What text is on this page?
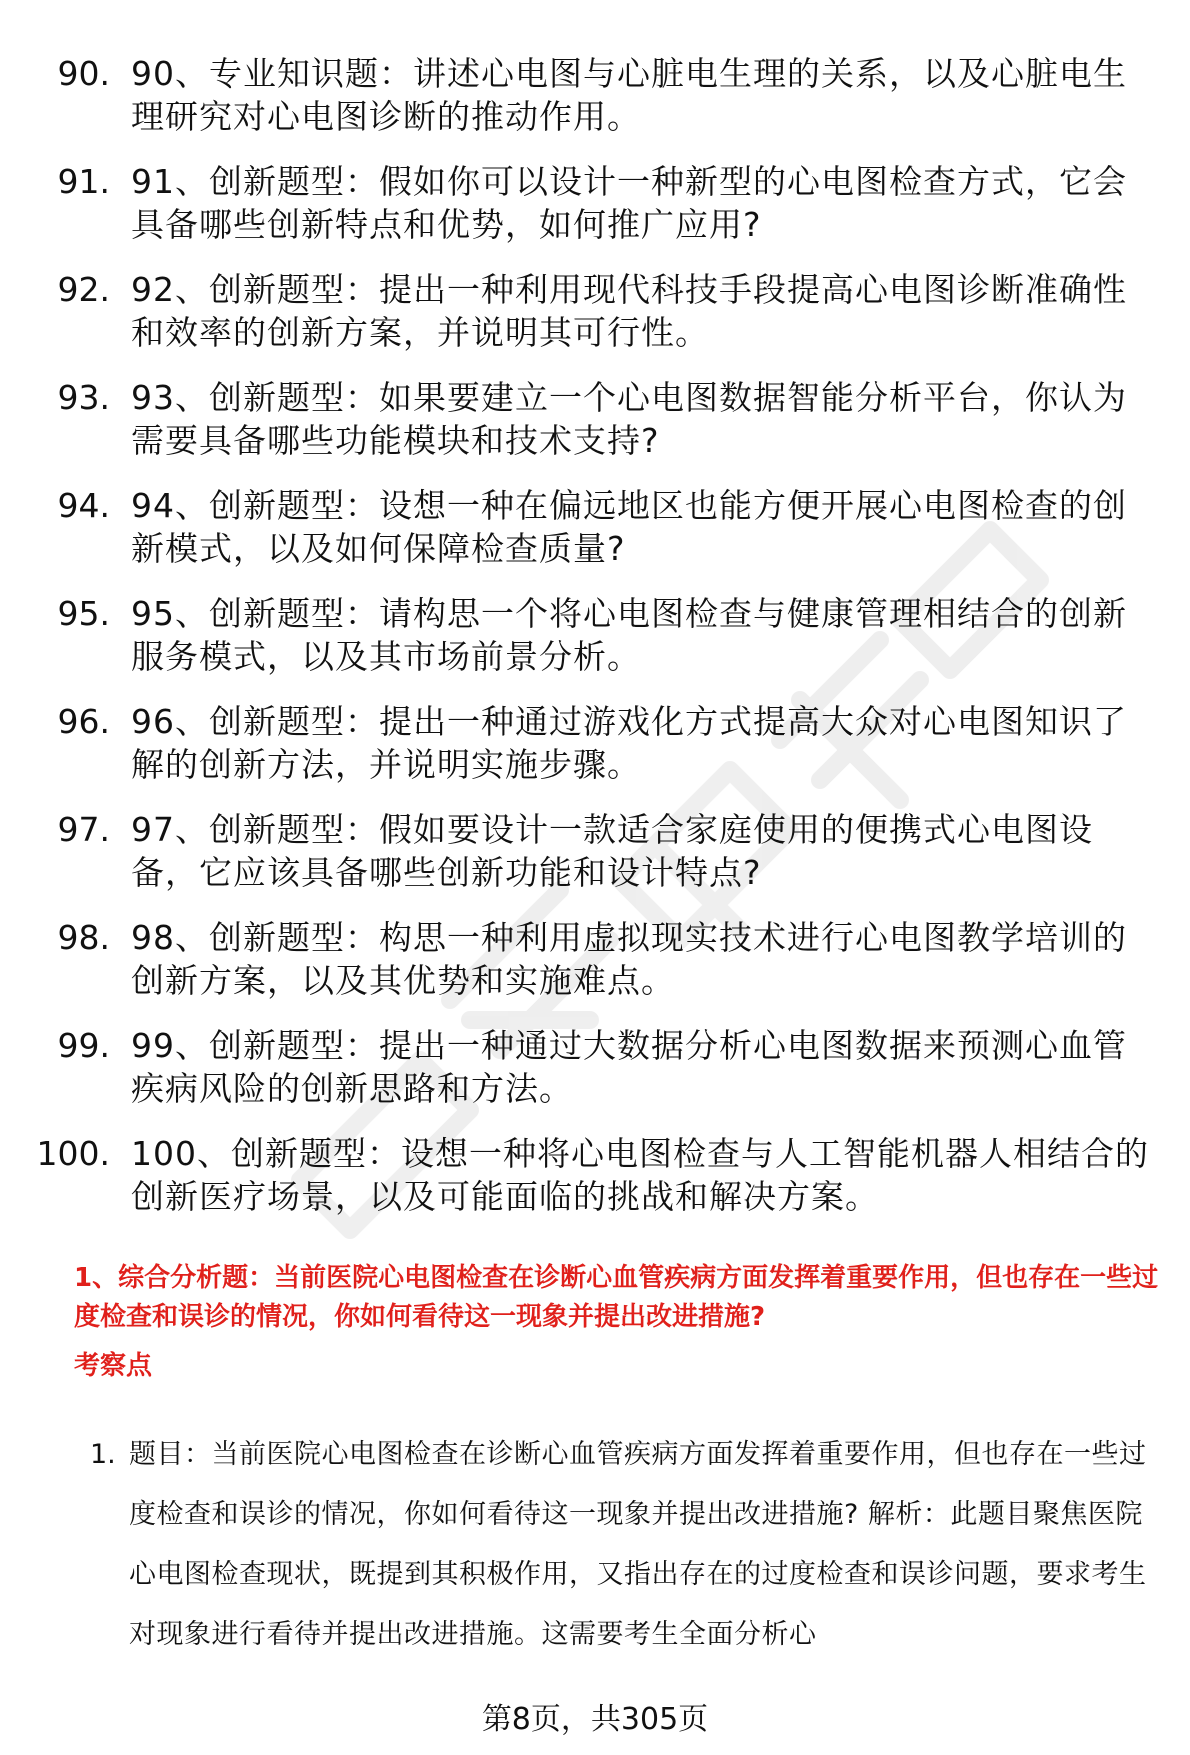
90. 90、专业知识题：讲述心电图与心脏电生理的关系，以及心脏电生理研究对心电图诊断的推动作用。
91. 91、创新题型：假如你可以设计一种新型的心电图检查方式，它会具备哪些创新特点和优势，如何推广应用?
92. 92、创新题型：提出一种利用现代科技手段提高心电图诊断准确性和效率的创新方案，并说明其可行性。
93. 93、创新题型：如果要建立一个心电图数据智能分析平台，你认为需要具备哪些功能模块和技术支持?
94. 94、创新题型：设想一种在偏远地区也能方便开展心电图检查的创新模式，以及如何保障检查质量?
95. 95、创新题型：请构思一个将心电图检查与健康管理相结合的创新服务模式，以及其市场前景分析。
96. 96、创新题型：提出一种通过游戏化方式提高大众对心电图知识了解的创新方法，并说明实施步骤。
97. 97、创新题型：假如要设计一款适合家庭使用的便携式心电图设备，它应该具备哪些创新功能和设计特点?
98. 98、创新题型：构思一种利用虚拟现实技术进行心电图教学培训的创新方案，以及其优势和实施难点。
99. 99、创新题型：提出一种通过大数据分析心电图数据来预测心血管疾病风险的创新思路和方法。
100. 100、创新题型：设想一种将心电图检查与人工智能机器人相结合的创新医疗场景，以及可能面临的挑战和解决方案。
1、综合分析题：当前医院心电图检查在诊断心血管疾病方面发挥着重要作用，但也存在一些过度检查和误诊的情况，你如何看待这一现象并提出改进措施?
考察点
1. 题目：当前医院心电图检查在诊断心血管疾病方面发挥着重要作用，但也存在一些过度检查和误诊的情况，你如何看待这一现象并提出改进措施? 解析：此题目聚焦医院心电图检查现状，既提到其积极作用，又指出存在的过度检查和误诊问题，要求考生对现象进行看待并提出改进措施。这需要考生全面分析心
第8页，共305页
